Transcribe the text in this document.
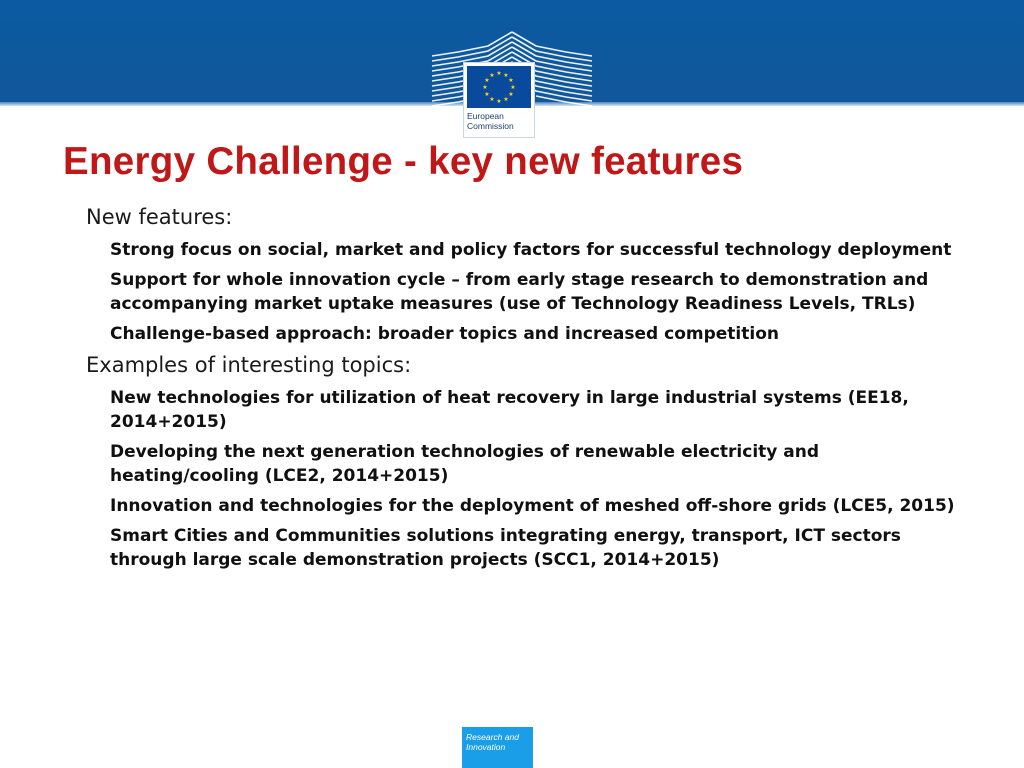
★ ★
★
★
★
★
★
★
★
★
★
★
European
Commission
Energy Challenge - key new features
New features:
Strong focus on social, market and policy factors for successful technology deployment
Support for whole innovation cycle – from early stage research to demonstration and accompanying market uptake measures (use of Technology Readiness Levels, TRLs)
Challenge-based approach: broader topics and increased competition
Examples of interesting topics:
New technologies for utilization of heat recovery in large industrial systems (EE18, 2014+2015)
Developing the next generation technologies of renewable electricity and heating/cooling (LCE2, 2014+2015)
Innovation and technologies for the deployment of meshed off-shore grids (LCE5, 2015)
Smart Cities and Communities solutions integrating energy, transport, ICT sectors through large scale demonstration projects (SCC1, 2014+2015)
Research and
Innovation
